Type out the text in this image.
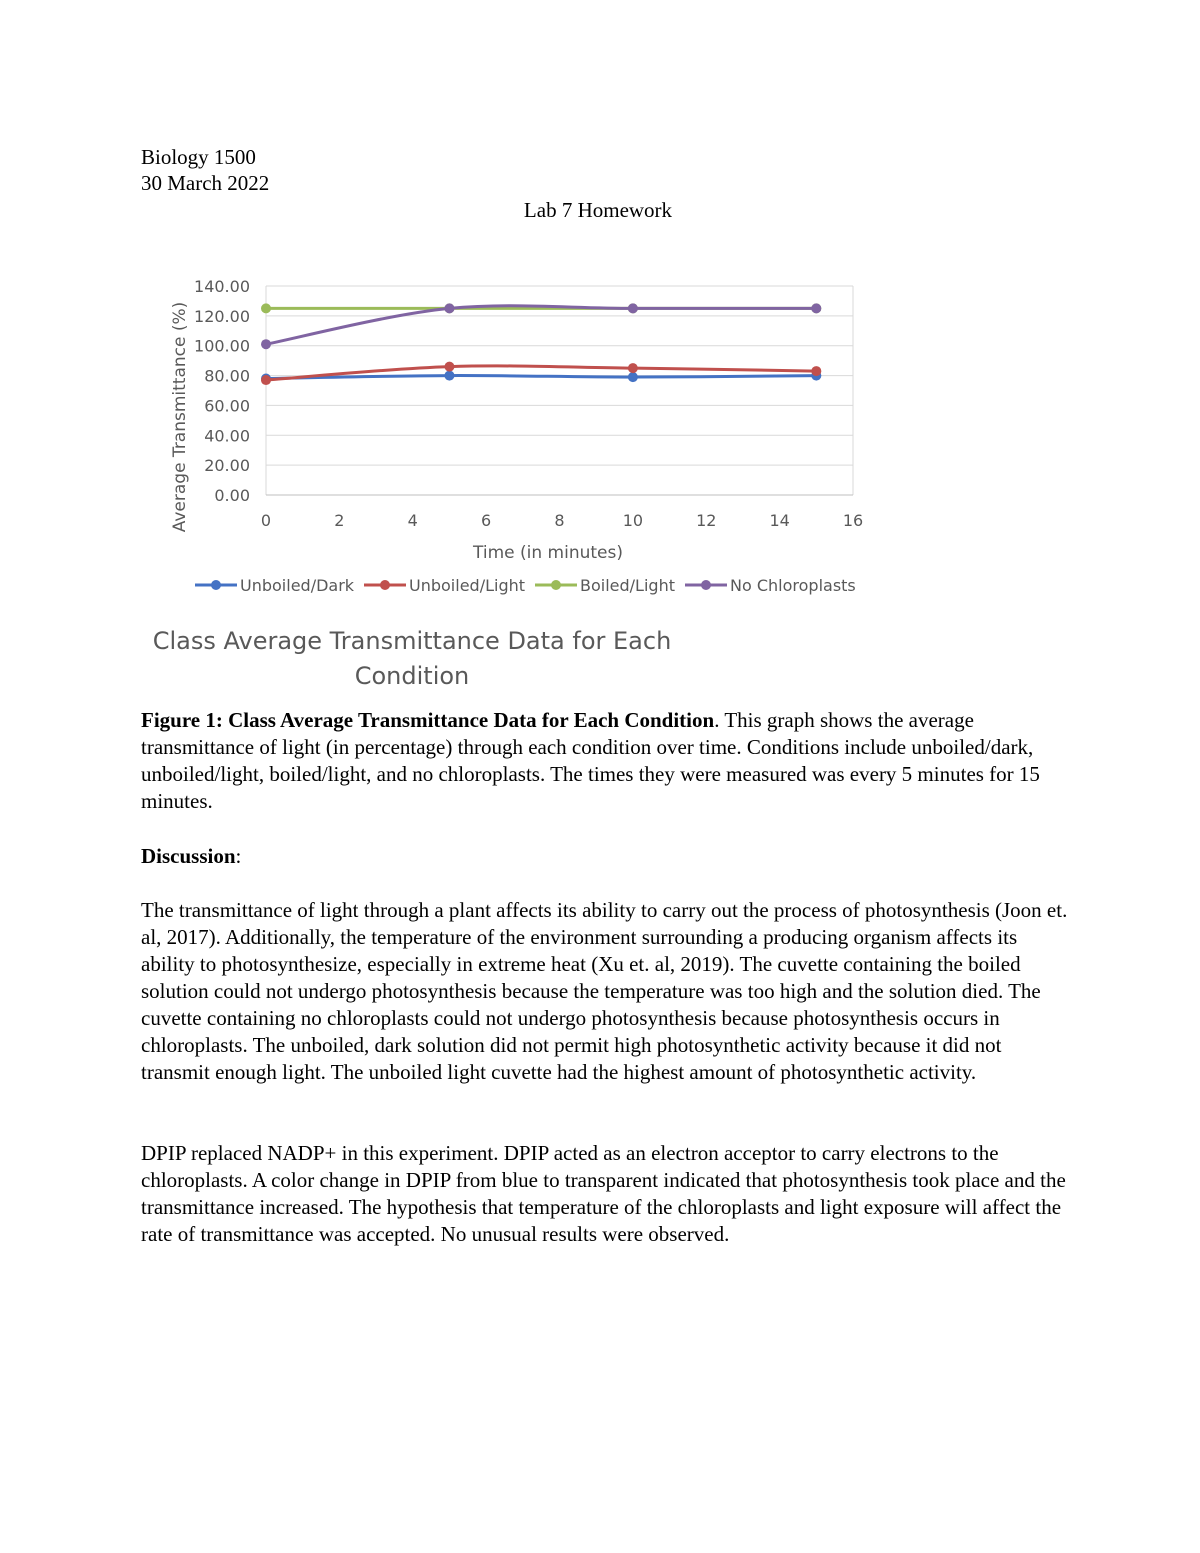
Biology 1500

30 March 2022

Lab 7 Homework

0.00
20.00
40.00
60.00
80.00
100.00
120.00
140.00
0	2	4	6	8	10	12	14	16
Unboiled/Dark	Unboiled/Light	Boiled/Light	No Chloroplasts
Time (in minutes)
Average Transmittance (%)
Class Average Transmittance Data for Each
Condition

Figure 1: Class Average Transmittance Data for Each Condition. This graph shows the average transmittance of light (in percentage) through each condition over time. Conditions include unboiled/dark, unboiled/light, boiled/light, and no chloroplasts. The times they were measured was every 5 minutes for 15 minutes.

Discussion:

The transmittance of light through a plant affects its ability to carry out the process of photosynthesis (Joon et. al, 2017). Additionally, the temperature of the environment surrounding a producing organism affects its ability to photosynthesize, especially in extreme heat (Xu et. al, 2019). The cuvette containing the boiled solution could not undergo photosynthesis because the temperature was too high and the solution died. The cuvette containing no chloroplasts could not undergo photosynthesis because photosynthesis occurs in chloroplasts. The unboiled, dark solution did not permit high photosynthetic activity because it did not transmit enough light. The unboiled light cuvette had the highest amount of photosynthetic activity.

DPIP replaced NADP+ in this experiment. DPIP acted as an electron acceptor to carry electrons to the chloroplasts. A color change in DPIP from blue to transparent indicated that photosynthesis took place and the transmittance increased. The hypothesis that temperature of the chloroplasts and light exposure will affect the rate of transmittance was accepted. No unusual results were observed.
